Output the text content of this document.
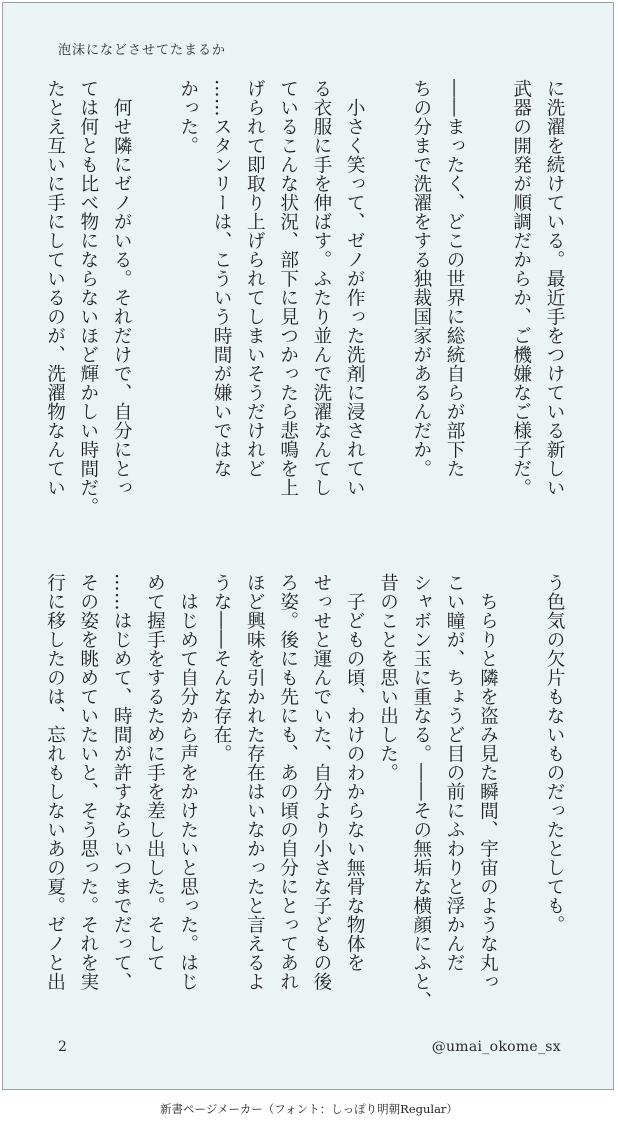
泡沫になどさせてたまるか
に洗濯を続けている。最近手をつけている新しい
武器の開発が順調だからか、ご機嫌なご様子だ。

――まったく、どこの世界に総統自らが部下た
ちの分まで洗濯をする独裁国家があるんだか。

　小さく笑って、ゼノが作った洗剤に浸されてい
る衣服に手を伸ばす。ふたり並んで洗濯なんてし
ているこんな状況、部下に見つかったら悲鳴を上
げられて即取り上げられてしまいそうだけれど
……スタンリーは、こういう時間が嫌いではな
かった。

　何せ隣にゼノがいる。それだけで、自分にとっ
ては何とも比べ物にならないほど輝かしい時間だ。
たとえ互いに手にしているのが、洗濯物なんてい
う色気の欠片もないものだったとしても。

　ちらりと隣を盗み見た瞬間、宇宙のような丸っ
こい瞳が、ちょうど目の前にふわりと浮かんだ
シャボン玉に重なる。――その無垢な横顔にふと、
昔のことを思い出した。
　子どもの頃、わけのわからない無骨な物体を
せっせと運んでいた、自分より小さな子どもの後
ろ姿。後にも先にも、あの頃の自分にとってあれ
ほど興味を引かれた存在はいなかったと言えるよ
うな――そんな存在。
　はじめて自分から声をかけたいと思った。はじ
めて握手をするために手を差し出した。そして
……はじめて、時間が許すならいつまでだって、
その姿を眺めていたいと、そう思った。それを実
行に移したのは、忘れもしないあの夏。ゼノと出
2	@umai_okome_sx
新書ページメーカー（フォント：しっぽり明朝Regular）
